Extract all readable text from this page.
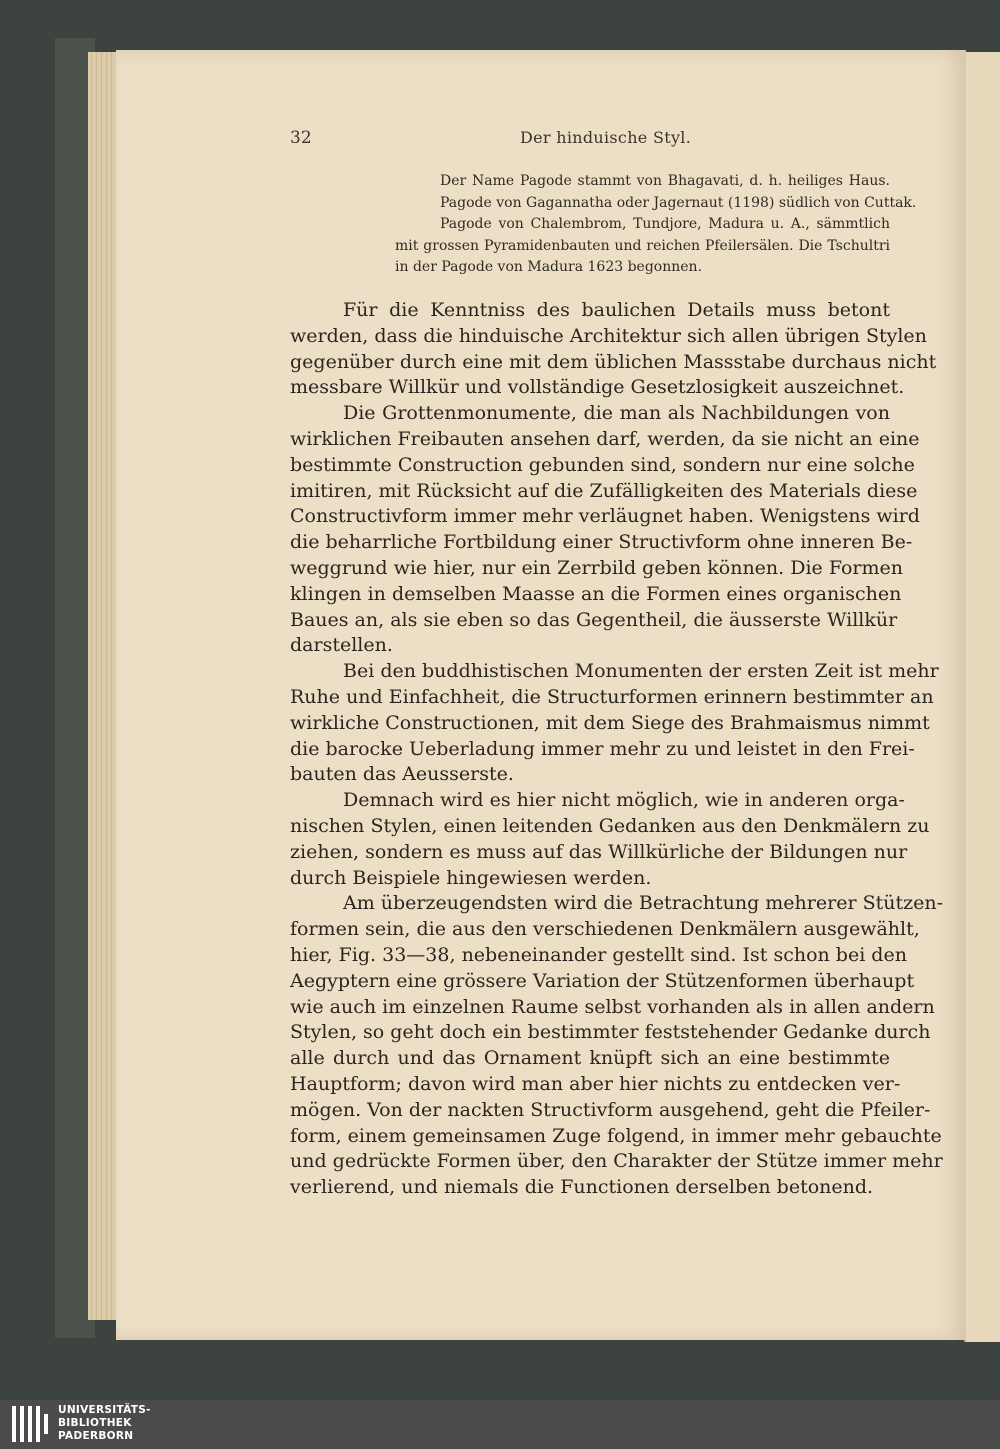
32	Der hinduische Styl.
Der Name Pagode stammt von Bhagavati, d. h. heiliges Haus.
Pagode von Gagannatha oder Jagernaut (1198) südlich von Cuttak.
Pagode von Chalembrom, Tundjore, Madura u. A., sämmtlich
mit grossen Pyramidenbauten und reichen Pfeilersälen. Die Tschultri
in der Pagode von Madura 1623 begonnen.
Für die Kenntniss des baulichen Details muss betont
werden, dass die hinduische Architektur sich allen übrigen Stylen
gegenüber durch eine mit dem üblichen Massstabe durchaus nicht
messbare Willkür und vollständige Gesetzlosigkeit auszeichnet.
Die Grottenmonumente, die man als Nachbildungen von
wirklichen Freibauten ansehen darf, werden, da sie nicht an eine
bestimmte Construction gebunden sind, sondern nur eine solche
imitiren, mit Rücksicht auf die Zufälligkeiten des Materials diese
Constructivform immer mehr verläugnet haben. Wenigstens wird
die beharrliche Fortbildung einer Structivform ohne inneren Be-
weggrund wie hier, nur ein Zerrbild geben können. Die Formen
klingen in demselben Maasse an die Formen eines organischen
Baues an, als sie eben so das Gegentheil, die äusserste Willkür
darstellen.
Bei den buddhistischen Monumenten der ersten Zeit ist mehr
Ruhe und Einfachheit, die Structurformen erinnern bestimmter an
wirkliche Constructionen, mit dem Siege des Brahmaismus nimmt
die barocke Ueberladung immer mehr zu und leistet in den Frei-
bauten das Aeusserste.
Demnach wird es hier nicht möglich, wie in anderen orga-
nischen Stylen, einen leitenden Gedanken aus den Denkmälern zu
ziehen, sondern es muss auf das Willkürliche der Bildungen nur
durch Beispiele hingewiesen werden.
Am überzeugendsten wird die Betrachtung mehrerer Stützen-
formen sein, die aus den verschiedenen Denkmälern ausgewählt,
hier, Fig. 33—38, nebeneinander gestellt sind. Ist schon bei den
Aegyptern eine grössere Variation der Stützenformen überhaupt
wie auch im einzelnen Raume selbst vorhanden als in allen andern
Stylen, so geht doch ein bestimmter feststehender Gedanke durch
alle durch und das Ornament knüpft sich an eine bestimmte
Hauptform; davon wird man aber hier nichts zu entdecken ver-
mögen. Von der nackten Structivform ausgehend, geht die Pfeiler-
form, einem gemeinsamen Zuge folgend, in immer mehr gebauchte
und gedrückte Formen über, den Charakter der Stütze immer mehr
verlierend, und niemals die Functionen derselben betonend.
UNIVERSITÄTS-
BIBLIOTHEK
PADERBORN
